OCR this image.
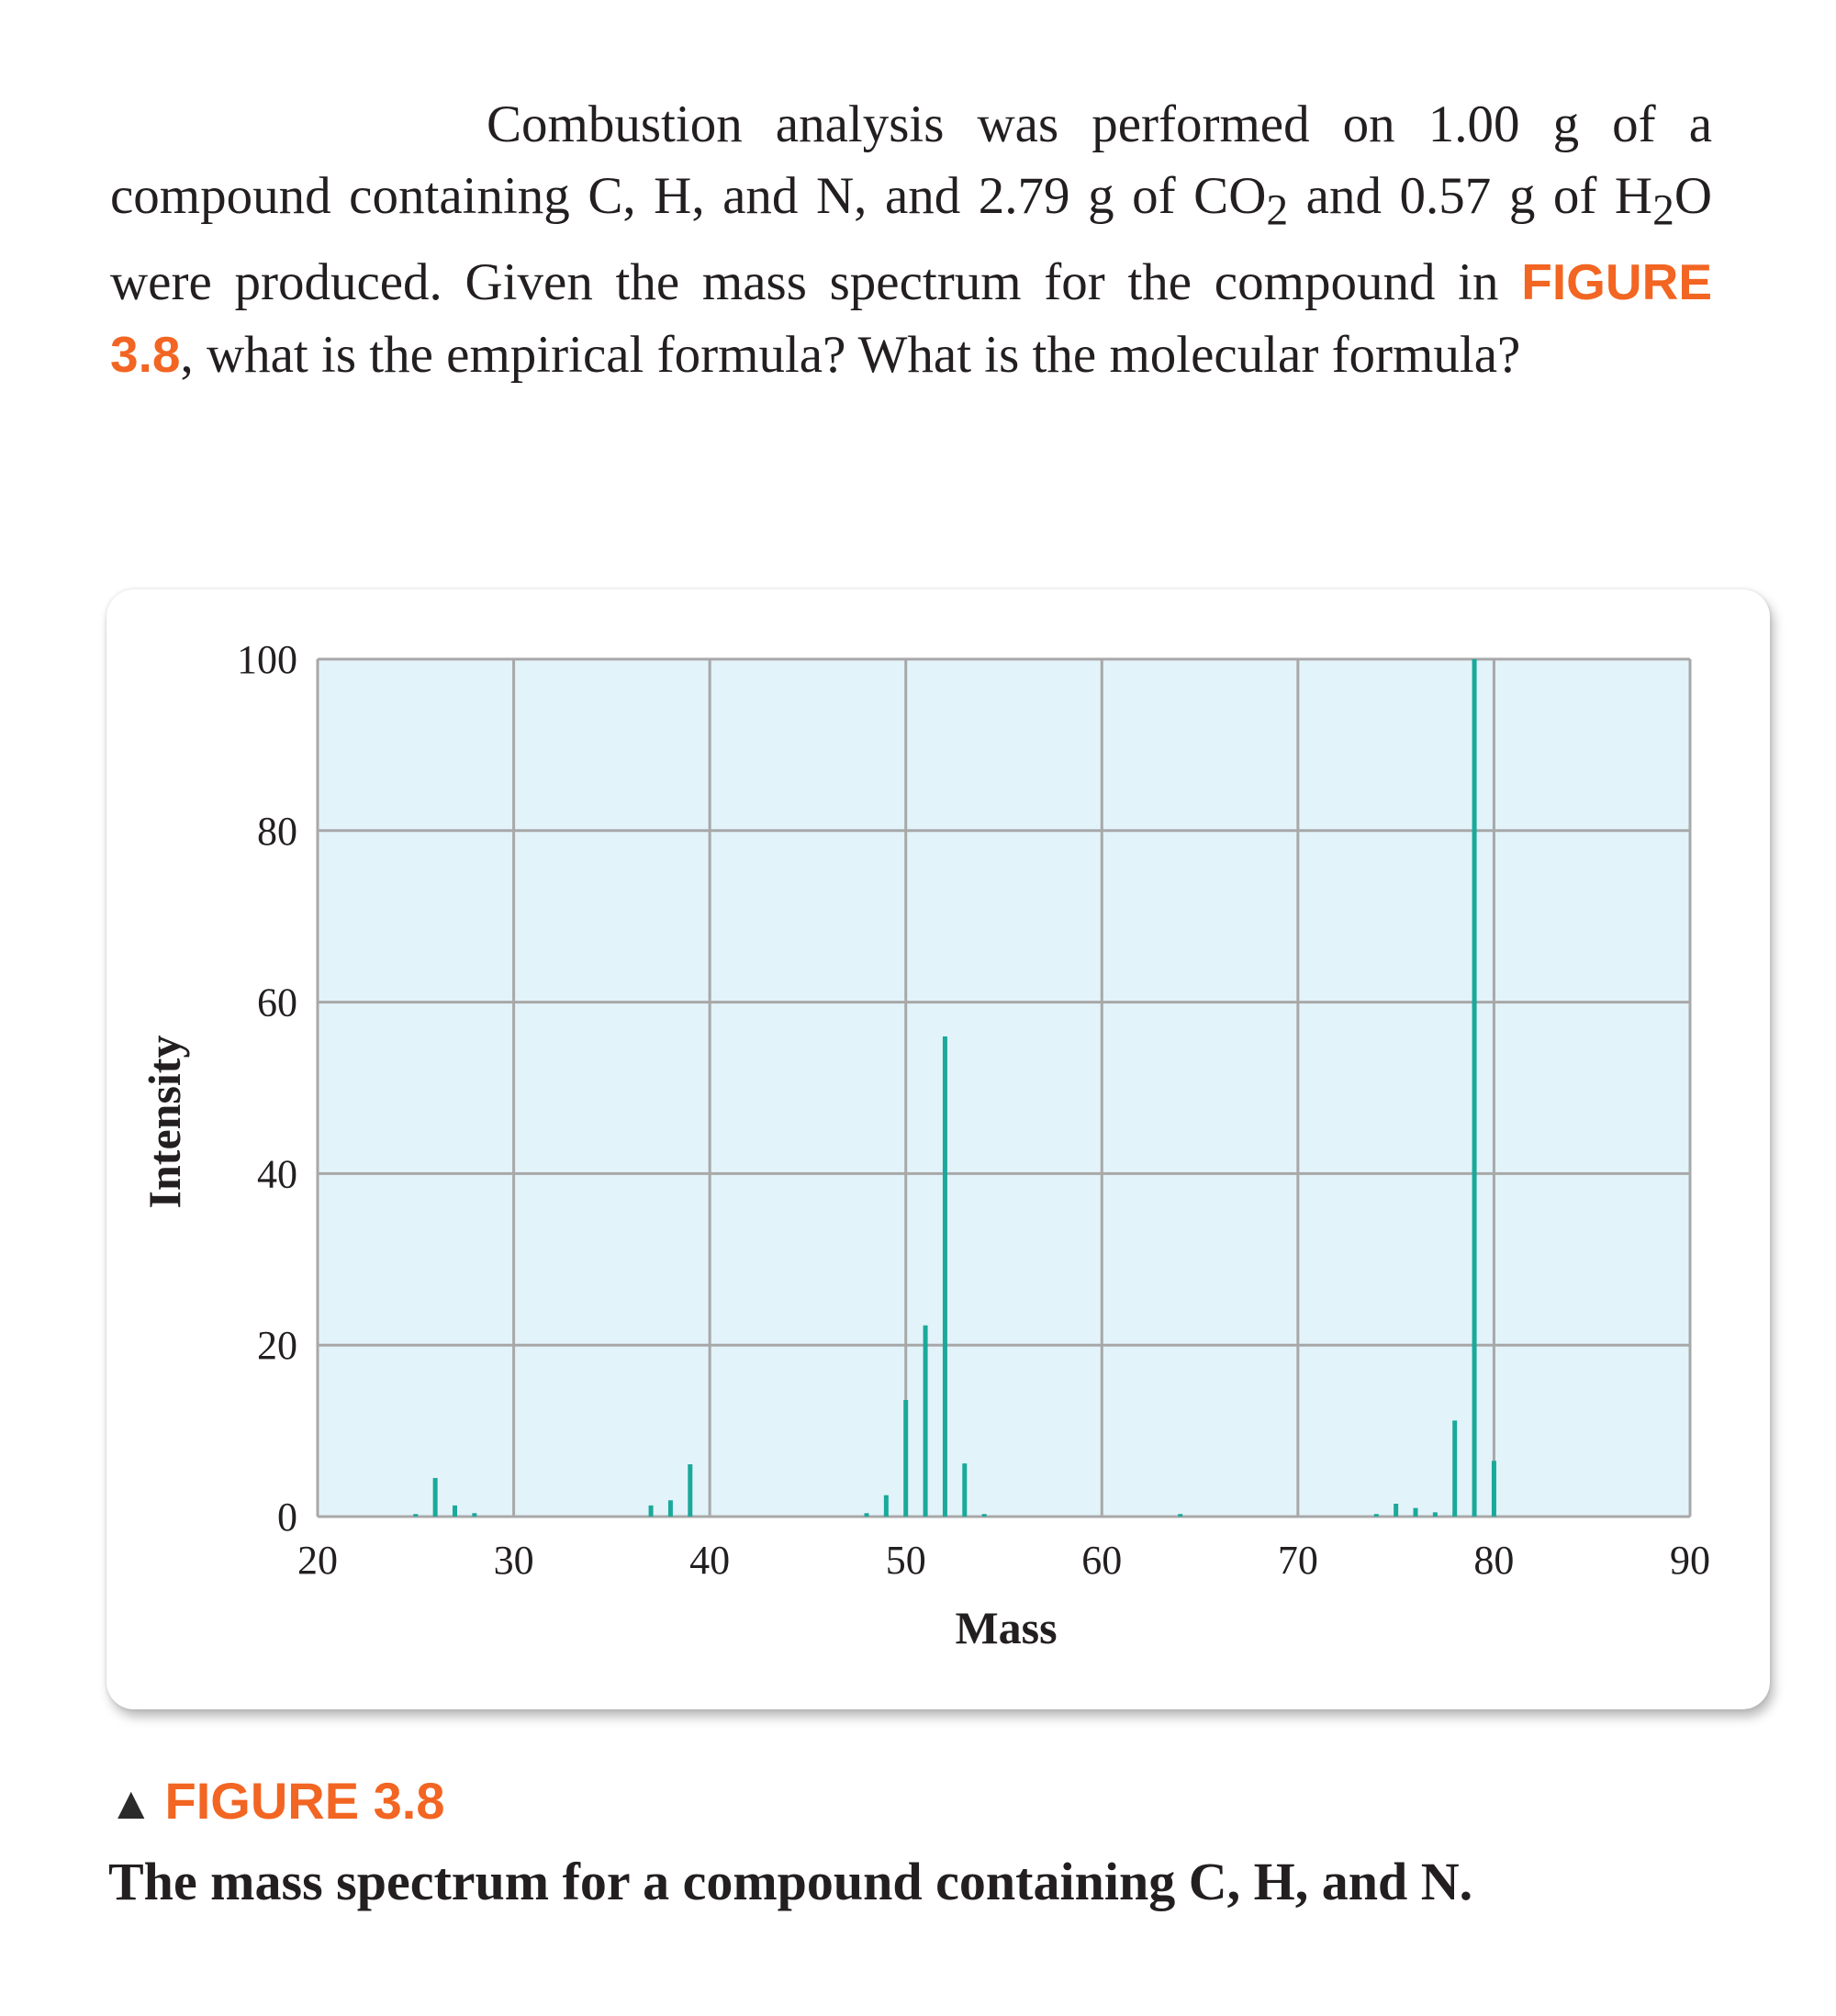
Combustion analysis was performed on 1.00 g of a compound containing C, H, and N, and 2.79 g of $CO_2$ and 0.57 g of $H_2O$ were produced. Given the mass spectrum for the compound in FIGURE 3.8, what is the empirical formula? What is the molecular formula?

20	30	40	50	60	70	80	90
0
20
40
60
80
100
Mass
Intensity
▲ FIGURE 3.8
The mass spectrum for a compound containing C, H, and N.
